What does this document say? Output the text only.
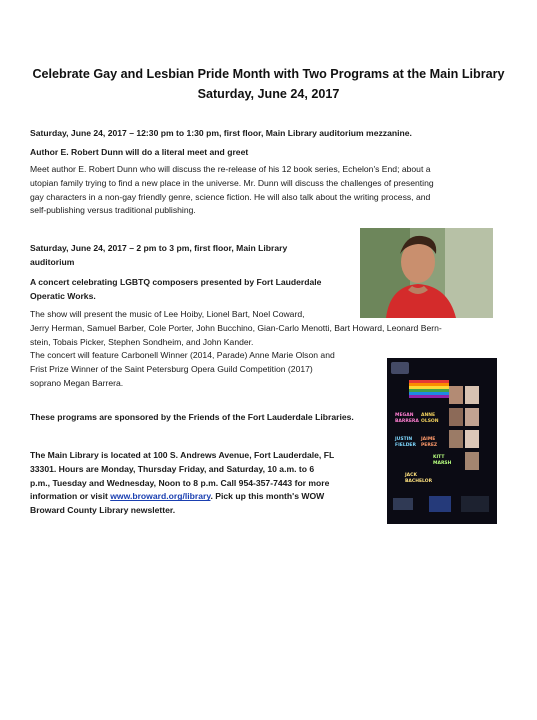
Celebrate Gay and Lesbian Pride Month with Two Programs at the Main Library
Saturday, June 24, 2017
Saturday, June 24, 2017 – 12:30 pm to 1:30 pm, first floor, Main Library auditorium mezzanine.
Author E. Robert Dunn will do a literal meet and greet
Meet author E. Robert Dunn who will discuss the re-release of his 12 book series, Echelon's End; about a
utopian family trying to find a new place in the universe. Mr. Dunn will discuss the challenges of presenting
gay characters in a non-gay friendly genre, science fiction. He will also talk about the writing process, and
self-publishing versus traditional publishing.
Saturday, June 24, 2017 – 2 pm to 3 pm, first floor, Main Library
auditorium
A concert celebrating LGBTQ composers presented by Fort Lauderdale
Operatic Works.
The show will present the music of Lee Hoiby, Lionel Bart, Noel Coward,
Jerry Herman, Samuel Barber, Cole Porter, John Bucchino, Gian-Carlo Menotti, Bart Howard, Leonard Bern-
stein, Tobais Picker, Stephen Sondheim, and John Kander.
The concert will feature Carbonell Winner (2014, Parade) Anne Marie Olson and
Frist Prize Winner of the Saint Petersburg Opera Guild Competition (2017)
soprano Megan Barrera.
MEGAN
BARRERA
ANNE
OLSON
JUSTIN
FIELDER
JAIME
PEREZ
KITT
MARSH
JACK
BACHELOR
These programs are sponsored by the Friends of the Fort Lauderdale Libraries.
The Main Library is located at 100 S. Andrews Avenue, Fort Lauderdale, FL
33301. Hours are Monday, Thursday Friday, and Saturday, 10 a.m. to 6
p.m., Tuesday and Wednesday, Noon to 8 p.m. Call 954-357-7443 for more
information or visit www.broward.org/library. Pick up this month's WOW
Broward County Library newsletter.
